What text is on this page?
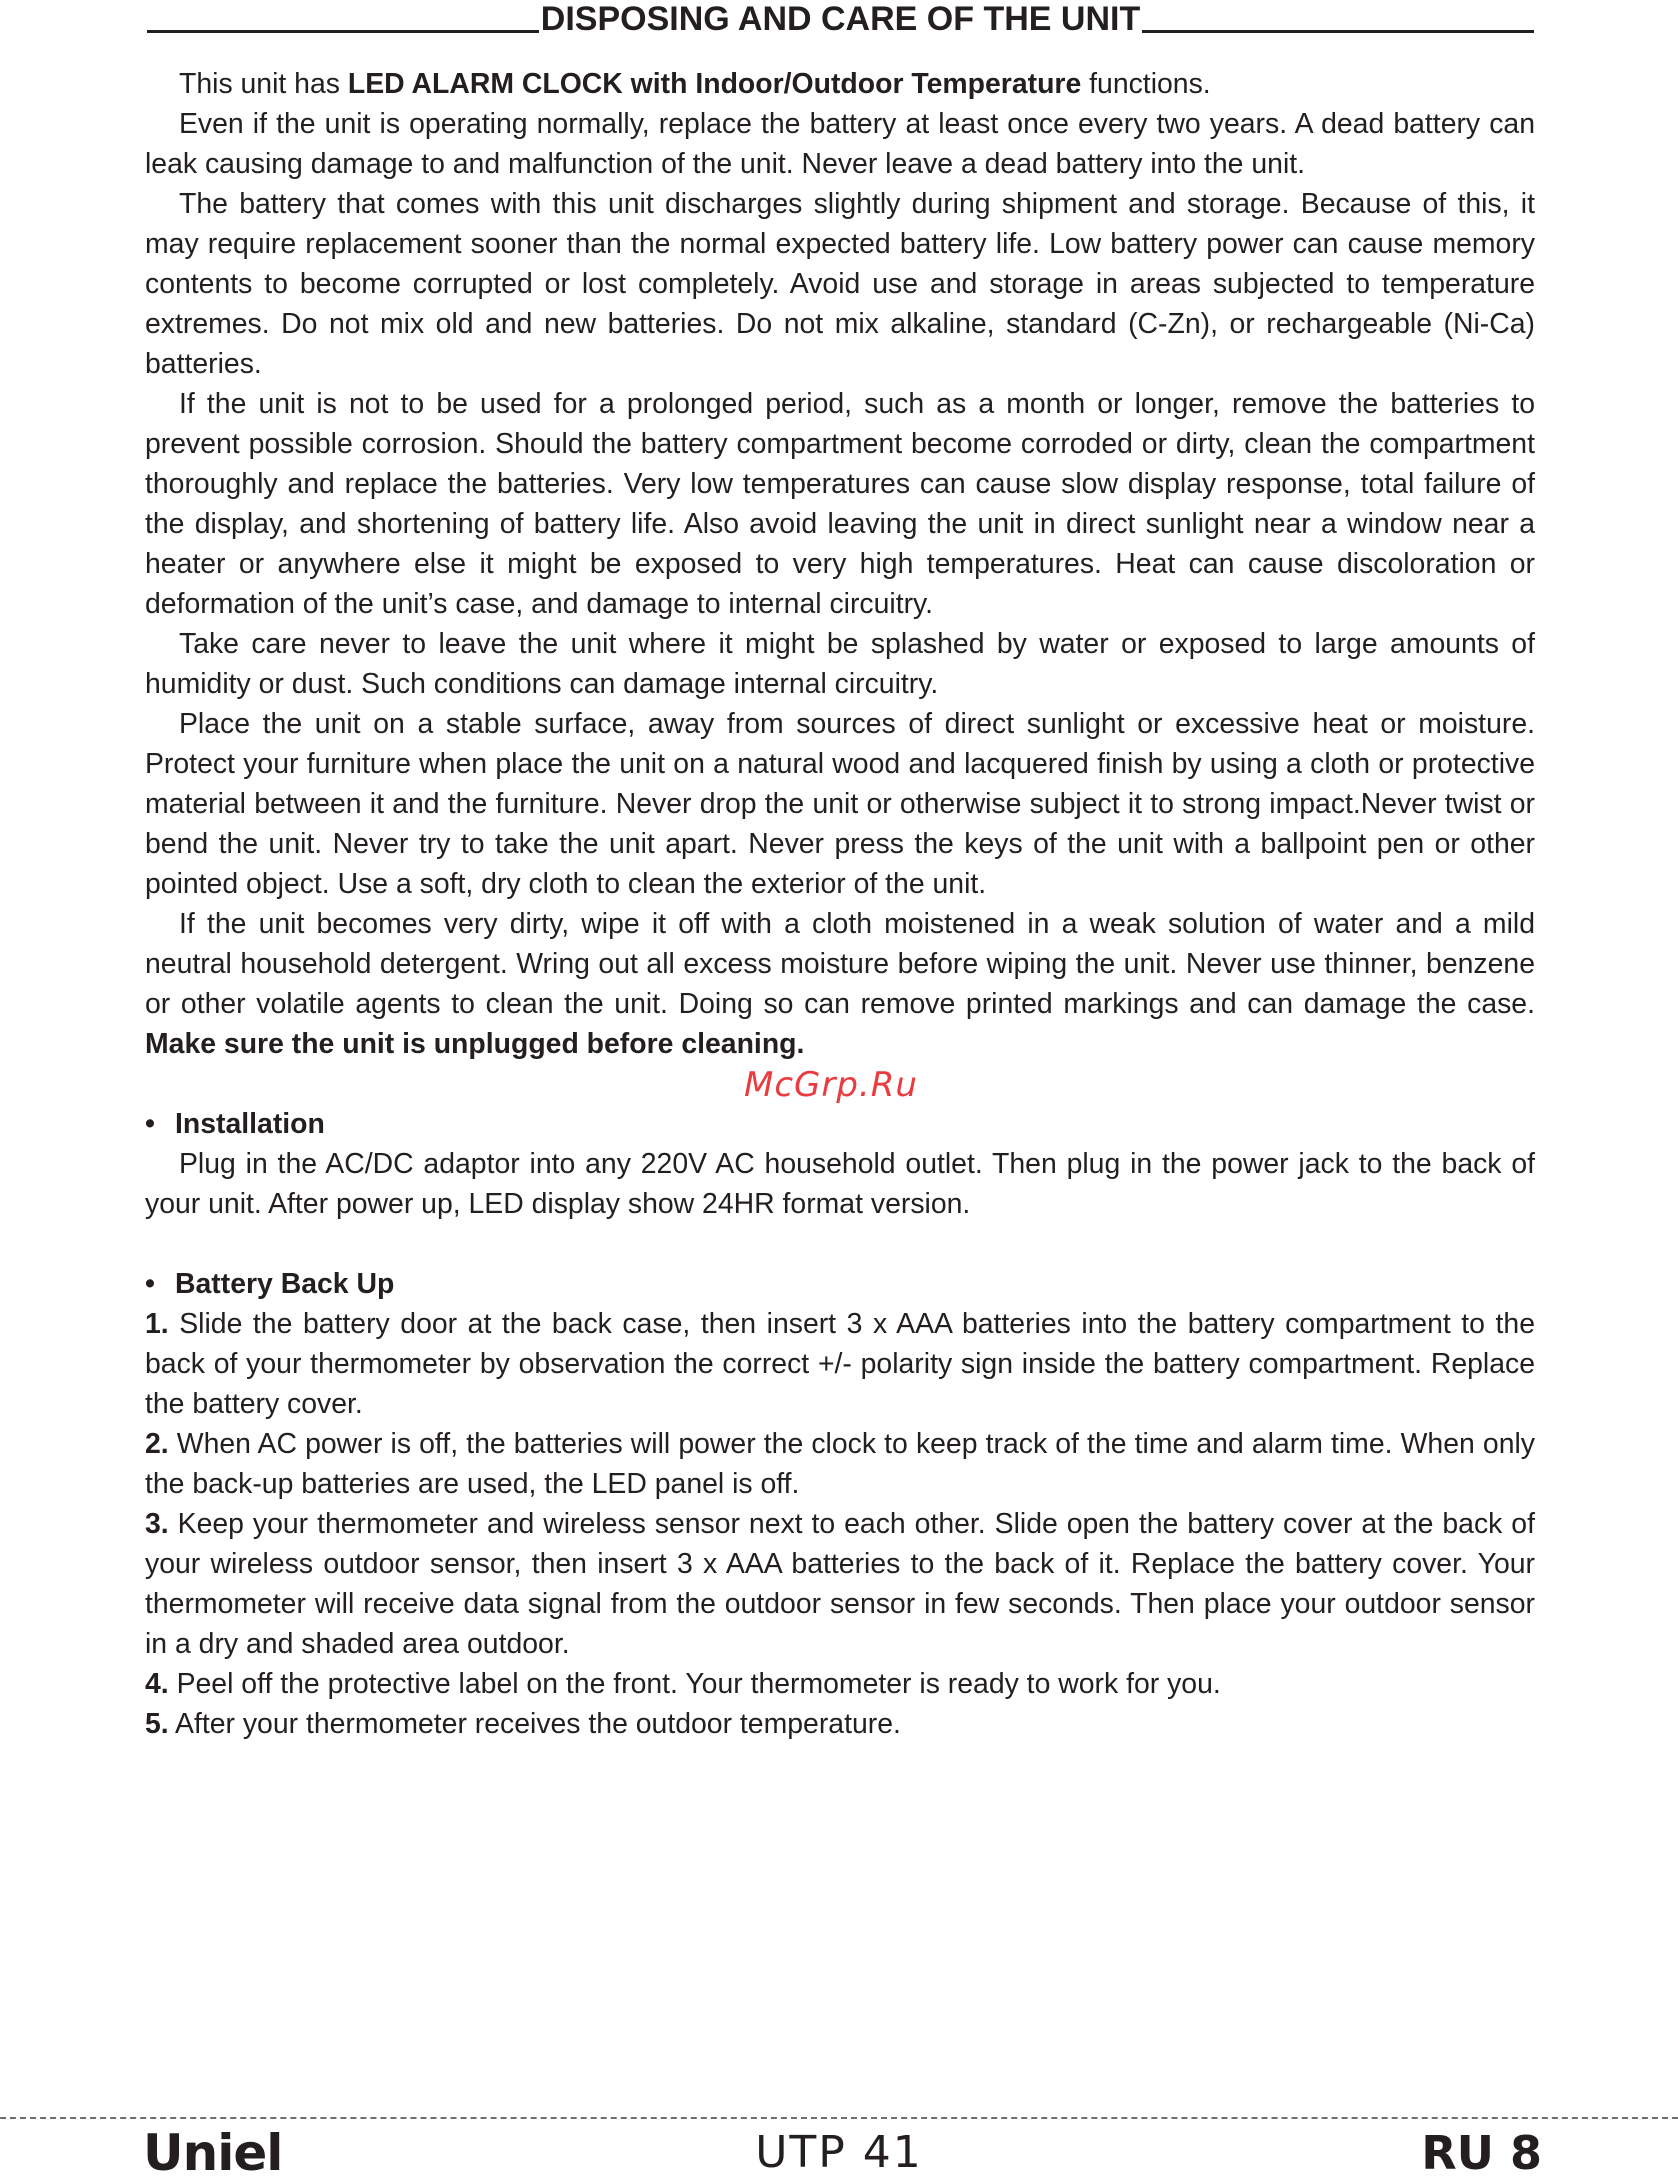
DISPOSING AND CARE OF THE UNIT

This unit has LED ALARM CLOCK with Indoor/Outdoor Temperature functions.

Even if the unit is operating normally, replace the battery at least once every two years. A dead battery can leak causing damage to and malfunction of the unit. Never leave a dead battery into the unit.

The battery that comes with this unit discharges slightly during shipment and storage. Because of this, it may require replacement sooner than the normal expected battery life. Low battery power can cause memory contents to become corrupted or lost completely. Avoid use and storage in areas subjected to temperature extremes. Do not mix old and new batteries. Do not mix alkaline, standard (C-Zn), or rechargeable (Ni-Ca) batteries.

If the unit is not to be used for a prolonged period, such as a month or longer, remove the batteries to prevent possible corrosion. Should the battery compartment become corroded or dirty, clean the compartment thoroughly and replace the batteries. Very low temperatures can cause slow display response, total failure of the display, and shortening of battery life. Also avoid leaving the unit in direct sunlight near a window near a heater or anywhere else it might be exposed to very high temperatures. Heat can cause discoloration or deformation of the unit’s case, and damage to internal circuitry.

Take care never to leave the unit where it might be splashed by water or exposed to large amounts of humidity or dust. Such conditions can damage internal circuitry.

Place the unit on a stable surface, away from sources of direct sunlight or excessive heat or moisture. Protect your furniture when place the unit on a natural wood and lacquered finish by using a cloth or protective material between it and the furniture. Never drop the unit or otherwise subject it to strong impact.Never twist or bend the unit. Never try to take the unit apart. Never press the keys of the unit with a ballpoint pen or other pointed object. Use a soft, dry cloth to clean the exterior of the unit.

If the unit becomes very dirty, wipe it off with a cloth moistened in a weak solution of water and a mild neutral household detergent. Wring out all excess moisture before wiping the unit. Never use thinner, benzene or other volatile agents to clean the unit. Doing so can remove printed markings and can damage the case. Make sure the unit is unplugged before cleaning.

• Installation

Plug in the AC/DC adaptor into any 220V AC household outlet. Then plug in the power jack to the back of your unit. After power up, LED display show 24HR format version.

• Battery Back Up

1. Slide the battery door at the back case, then insert 3 x AAA batteries into the battery compartment to the back of your thermometer by observation the correct +/- polarity sign inside the battery compartment. Replace the battery cover.

2. When AC power is off, the batteries will power the clock to keep track of the time and alarm time. When only the back-up batteries are used, the LED panel is off.

3. Keep your thermometer and wireless sensor next to each other. Slide open the battery cover at the back of your wireless outdoor sensor, then insert 3 x AAA batteries to the back of it. Replace the battery cover. Your thermometer will receive data signal from the outdoor sensor in few seconds. Then place your outdoor sensor in a dry and shaded area outdoor.

4. Peel off the protective label on the front. Your thermometer is ready to work for you.

5. After your thermometer receives the outdoor temperature.

McGrp.Ru
Uniel	UTP 41	RU 8
